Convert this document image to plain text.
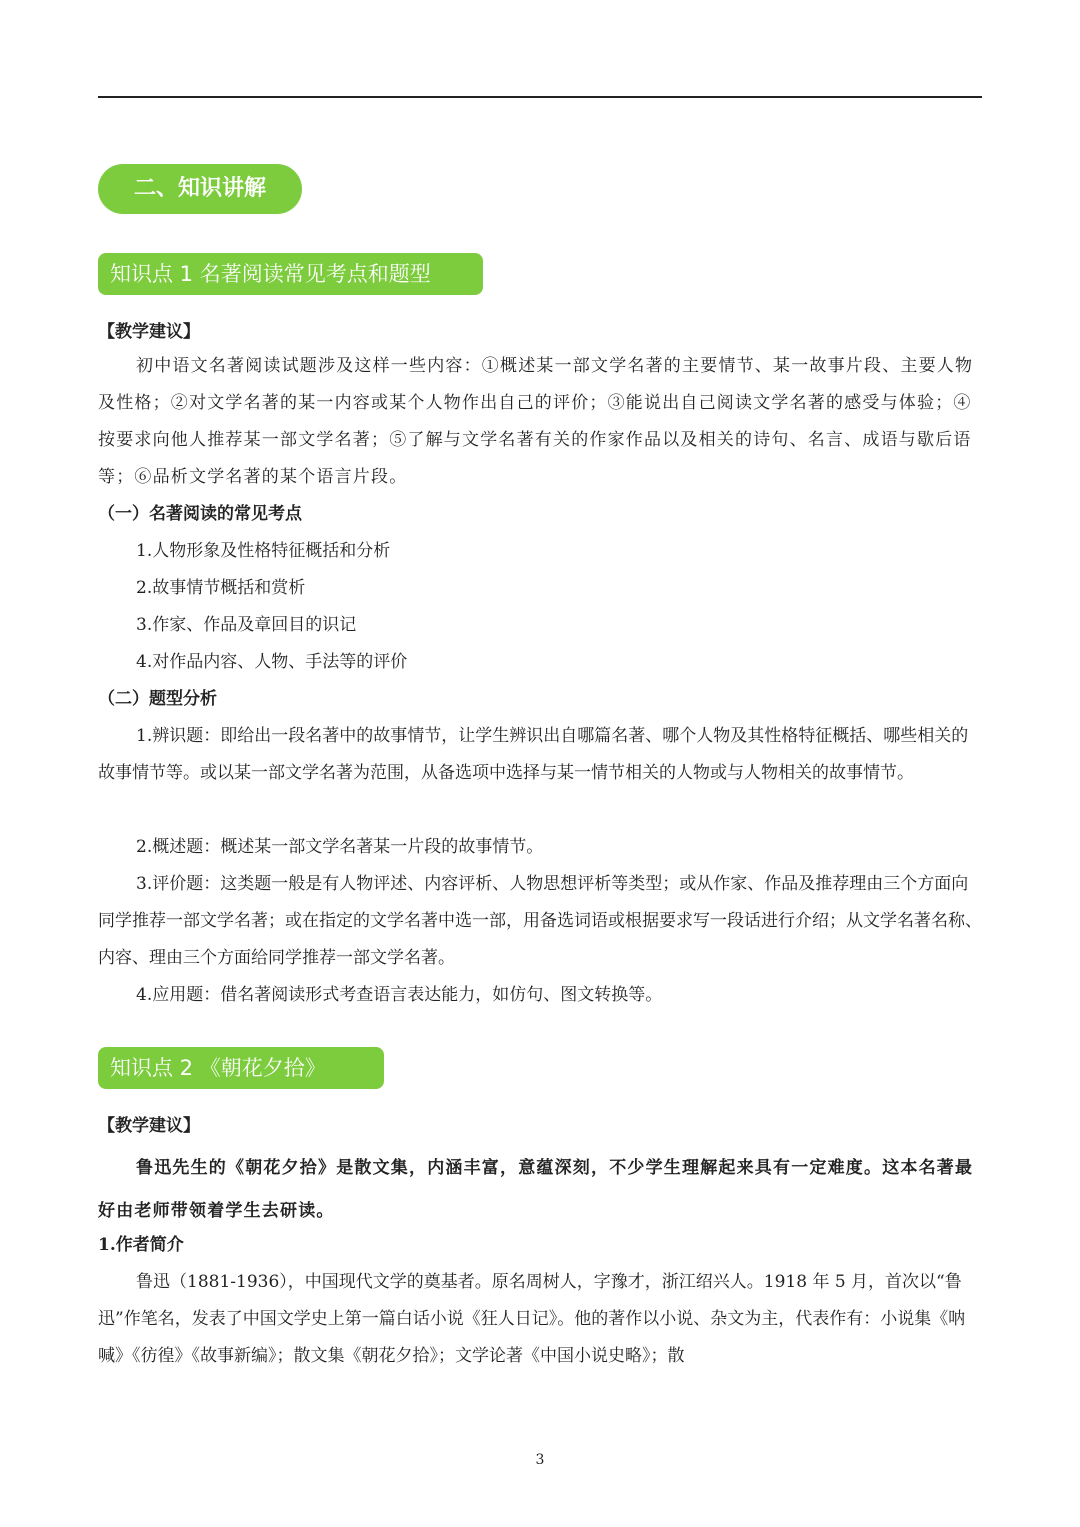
二、知识讲解
知识点 1 名著阅读常见考点和题型

【教学建议】

初中语文名著阅读试题涉及这样一些内容：①概述某一部文学名著的主要情节、某一故事片段、主要人物及性格；②对文学名著的某一内容或某个人物作出自己的评价；③能说出自己阅读文学名著的感受与体验；④按要求向他人推荐某一部文学名著；⑤了解与文学名著有关的作家作品以及相关的诗句、名言、成语与歇后语等；⑥品析文学名著的某个语言片段。

（一）名著阅读的常见考点

1.人物形象及性格特征概括和分析

2.故事情节概括和赏析

3.作家、作品及章回目的识记

4.对作品内容、人物、手法等的评价

（二）题型分析

1.辨识题：即给出一段名著中的故事情节，让学生辨识出自哪篇名著、哪个人物及其性格特征概括、哪些相关的故事情节等。或以某一部文学名著为范围，从备选项中选择与某一情节相关的人物或与人物相关的故事情节。

2.概述题：概述某一部文学名著某一片段的故事情节。

3.评价题：这类题一般是有人物评述、内容评析、人物思想评析等类型；或从作家、作品及推荐理由三个方面向同学推荐一部文学名著；或在指定的文学名著中选一部，用备选词语或根据要求写一段话进行介绍；从文学名著名称、内容、理由三个方面给同学推荐一部文学名著。

4.应用题：借名著阅读形式考查语言表达能力，如仿句、图文转换等。

知识点 2 《朝花夕拾》

【教学建议】

鲁迅先生的《朝花夕拾》是散文集，内涵丰富，意蕴深刻，不少学生理解起来具有一定难度。这本名著最好由老师带领着学生去研读。

1.作者简介

鲁迅（1881-1936），中国现代文学的奠基者。原名周树人，字豫才，浙江绍兴人。1918 年 5 月，首次以“鲁迅”作笔名，发表了中国文学史上第一篇白话小说《狂人日记》。他的著作以小说、杂文为主，代表作有：小说集《呐喊》《彷徨》《故事新编》；散文集《朝花夕拾》；文学论著《中国小说史略》；散

3
